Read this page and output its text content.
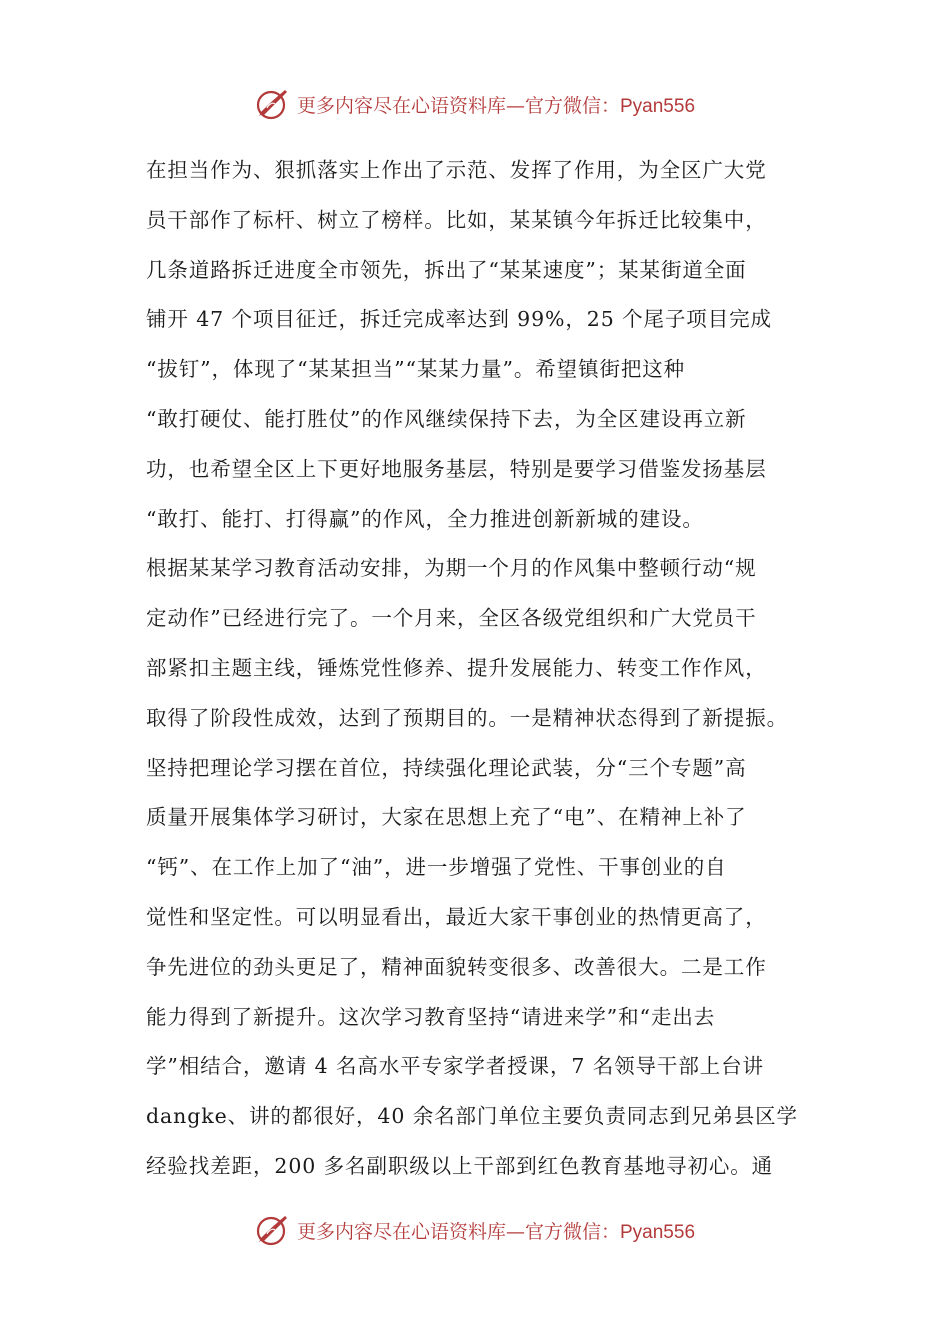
更多内容尽在心语资料库—官方微信：Pyan556
在担当作为、狠抓落实上作出了示范、发挥了作用，为全区广大党
员干部作了标杆、树立了榜样。比如，某某镇今年拆迁比较集中，
几条道路拆迁进度全市领先，拆出了“某某速度”；某某街道全面
铺开 47 个项目征迁，拆迁完成率达到 99%，25 个尾子项目完成
“拔钉”，体现了“某某担当”“某某力量”。希望镇街把这种
“敢打硬仗、能打胜仗”的作风继续保持下去，为全区建设再立新
功，也希望全区上下更好地服务基层，特别是要学习借鉴发扬基层
“敢打、能打、打得赢”的作风，全力推进创新新城的建设。
根据某某学习教育活动安排，为期一个月的作风集中整顿行动“规
定动作”已经进行完了。一个月来，全区各级党组织和广大党员干
部紧扣主题主线，锤炼党性修养、提升发展能力、转变工作作风，
取得了阶段性成效，达到了预期目的。一是精神状态得到了新提振。
坚持把理论学习摆在首位，持续强化理论武装，分“三个专题”高
质量开展集体学习研讨，大家在思想上充了“电”、在精神上补了
“钙”、在工作上加了“油”，进一步增强了党性、干事创业的自
觉性和坚定性。可以明显看出，最近大家干事创业的热情更高了，
争先进位的劲头更足了，精神面貌转变很多、改善很大。二是工作
能力得到了新提升。这次学习教育坚持“请进来学”和“走出去
学”相结合，邀请 4 名高水平专家学者授课，7 名领导干部上台讲
dangke、讲的都很好，40 余名部门单位主要负责同志到兄弟县区学
经验找差距，200 多名副职级以上干部到红色教育基地寻初心。通
更多内容尽在心语资料库—官方微信：Pyan556
